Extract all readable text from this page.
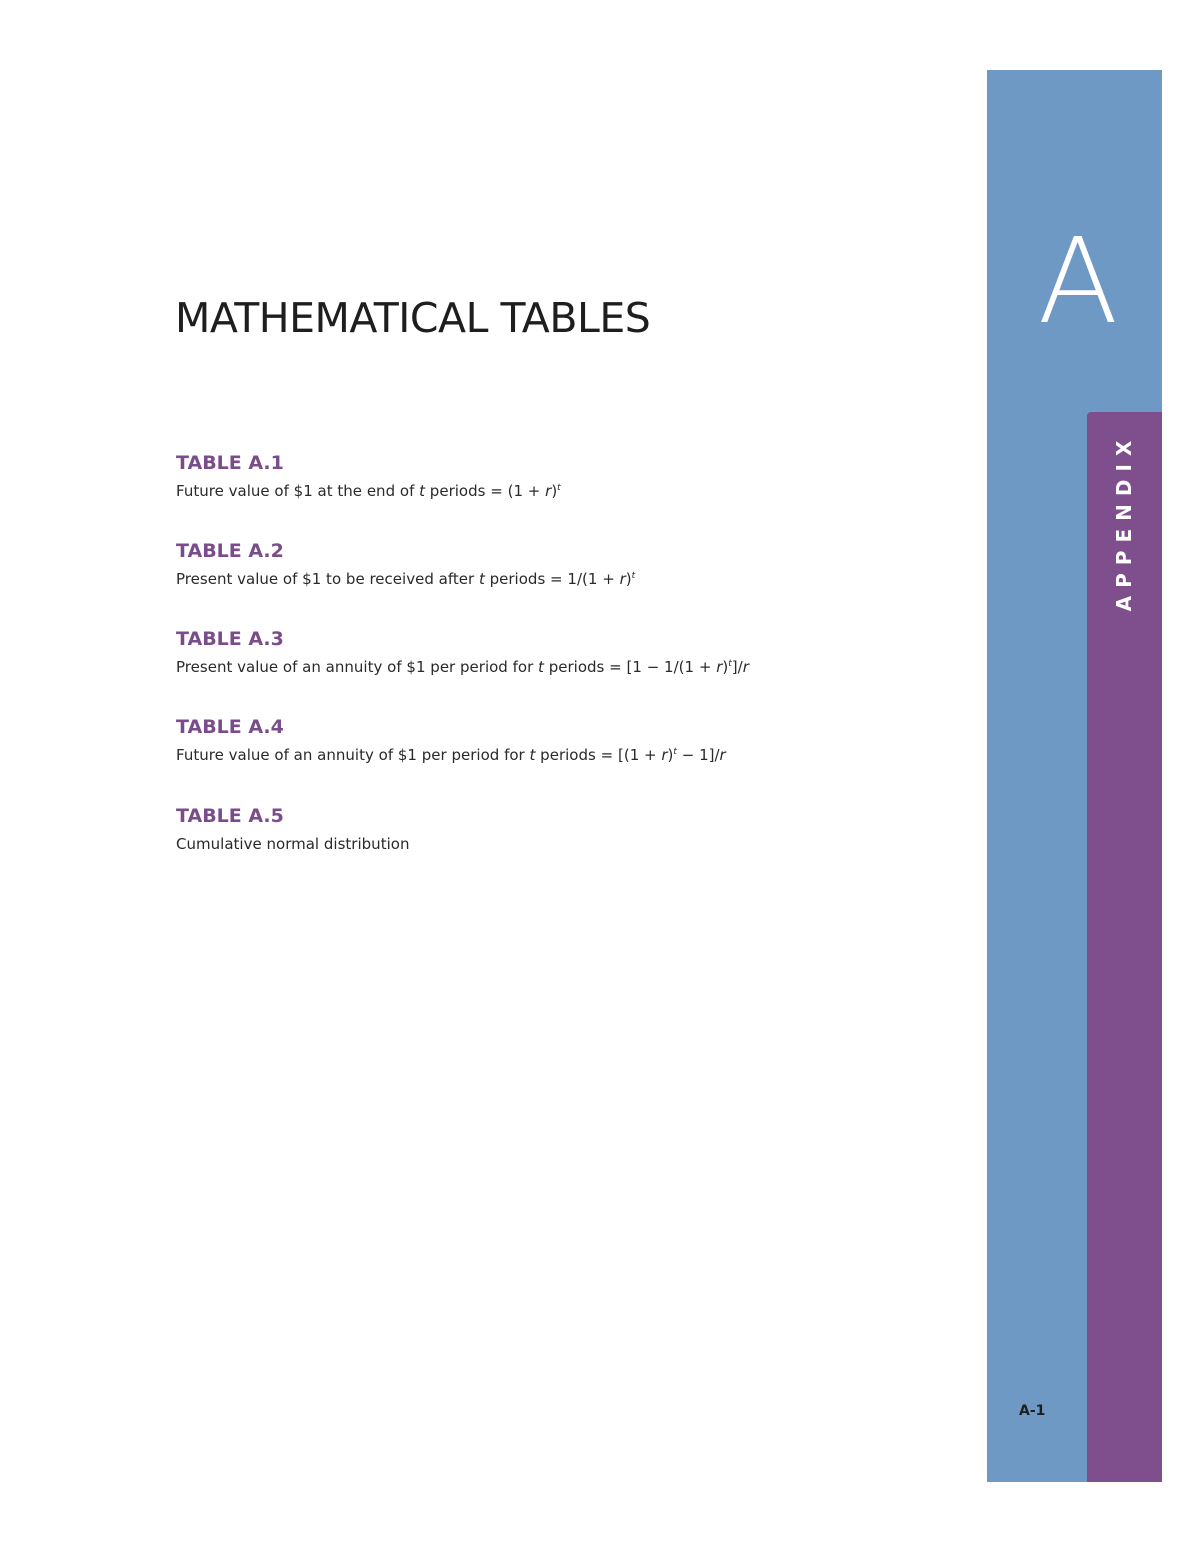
A
APPENDIX
A-1
MATHEMATICAL TABLES
TABLE A.1
Future value of $1 at the end of t periods = $(1 + r)^t$
TABLE A.2
Present value of $1 to be received after t periods = $1/(1 + r)^t$
TABLE A.3
Present value of an annuity of $1 per period for t periods = $[1 - 1/(1 + r)^t]/r$
TABLE A.4
Future value of an annuity of $1 per period for t periods = $[(1 + r)^t - 1]/r$
TABLE A.5
Cumulative normal distribution
